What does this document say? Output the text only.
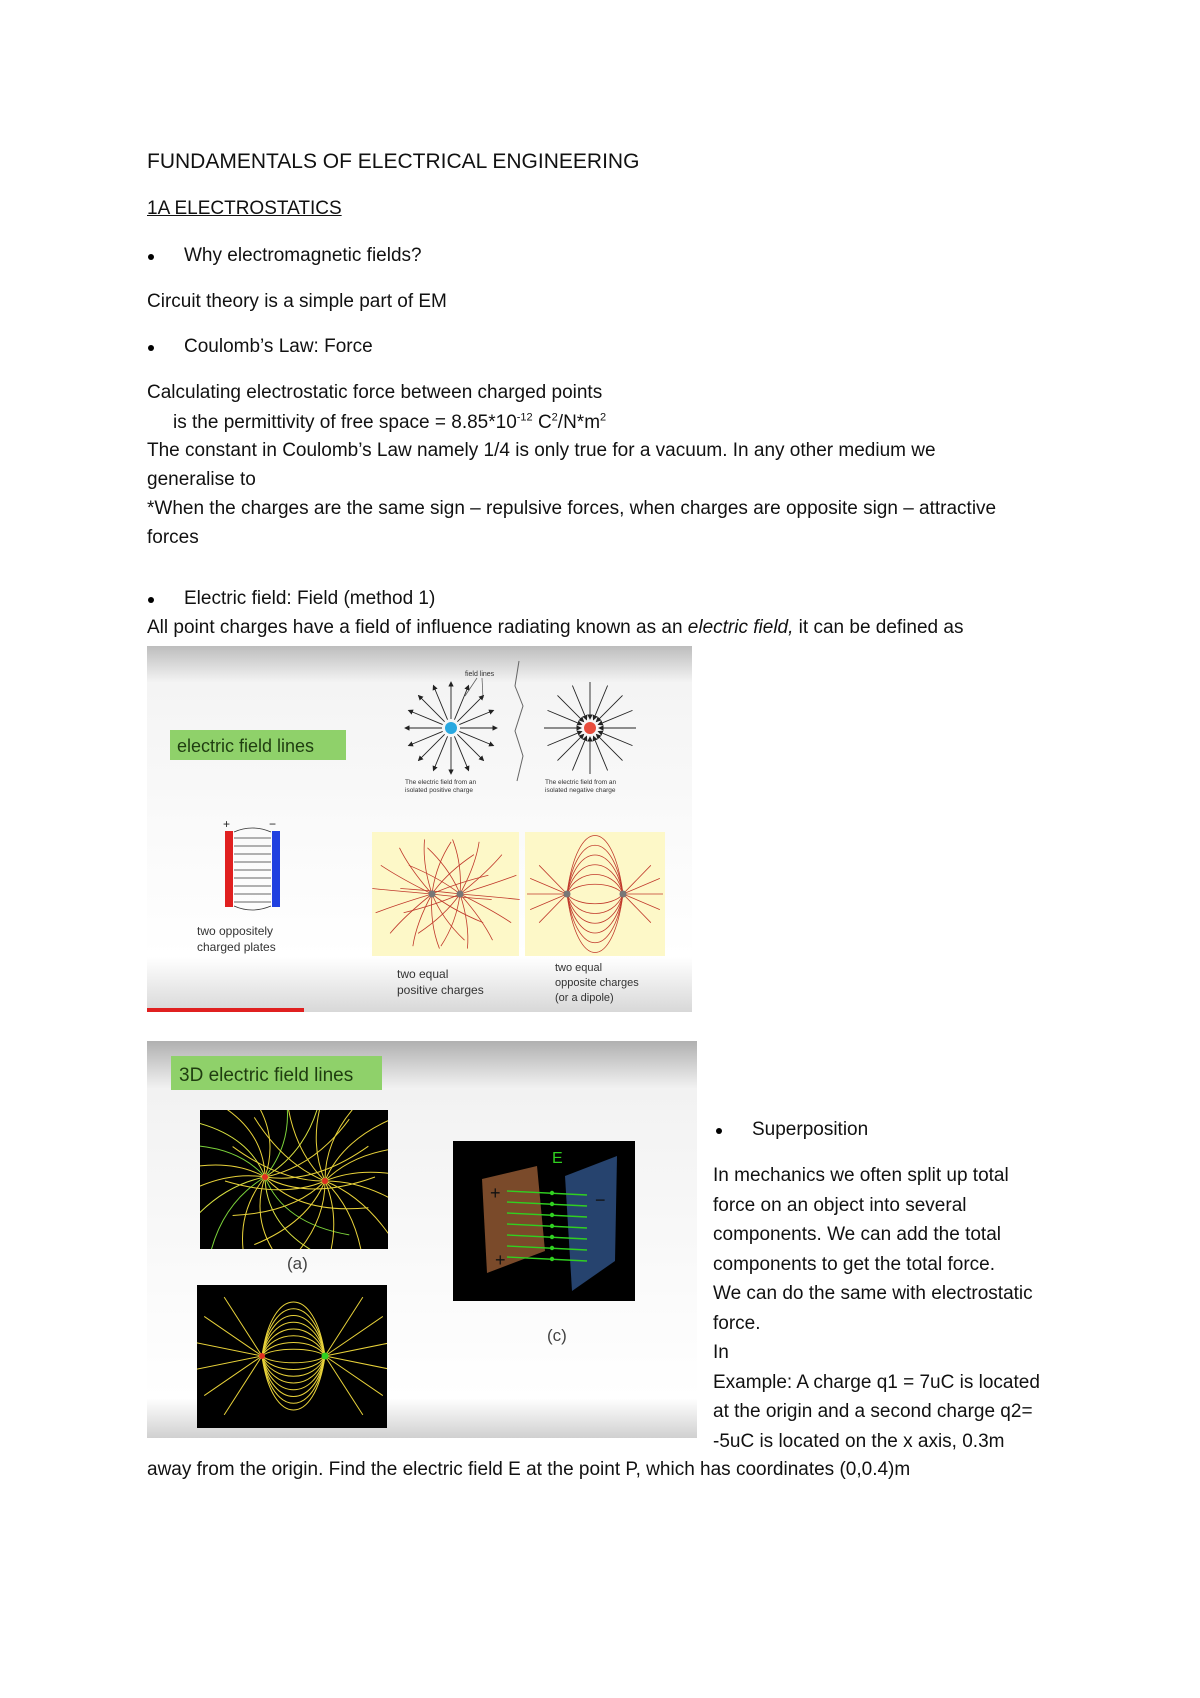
FUNDAMENTALS OF ELECTRICAL ENGINEERING
1A ELECTROSTATICS
Why electromagnetic fields?
Circuit theory is a simple part of EM
Coulomb’s Law: Force
Calculating electrostatic force between charged points
is the permittivity of free space = $8.85*10^{-12}$ $C^2/N*m^2$
The constant in Coulomb’s Law namely 1/4 is only true for a vacuum. In any other medium we
generalise to
*When the charges are the same sign – repulsive forces, when charges are opposite sign – attractive
forces
Electric field: Field (method 1)
All point charges have a field of influence radiating known as an electric field, it can be defined as
electric field lines
field lines
The electric field from an
isolated positive charge
The electric field from an
isolated negative charge
+	−
two oppositely
charged plates
two equal
positive charges
two equal
opposite charges
(or a dipole)
3D electric field lines
(a)
+
+
−
E
(c)
Superposition
In mechanics we often split up total
force on an object into several
components. We can add the total
components to get the total force.
We can do the same with electrostatic
force.
In
Example: A charge q1 = 7uC is located
at the origin and a second charge q2=
-5uC is located on the x axis, 0.3m
away from the origin. Find the electric field E at the point P, which has coordinates (0,0.4)m
